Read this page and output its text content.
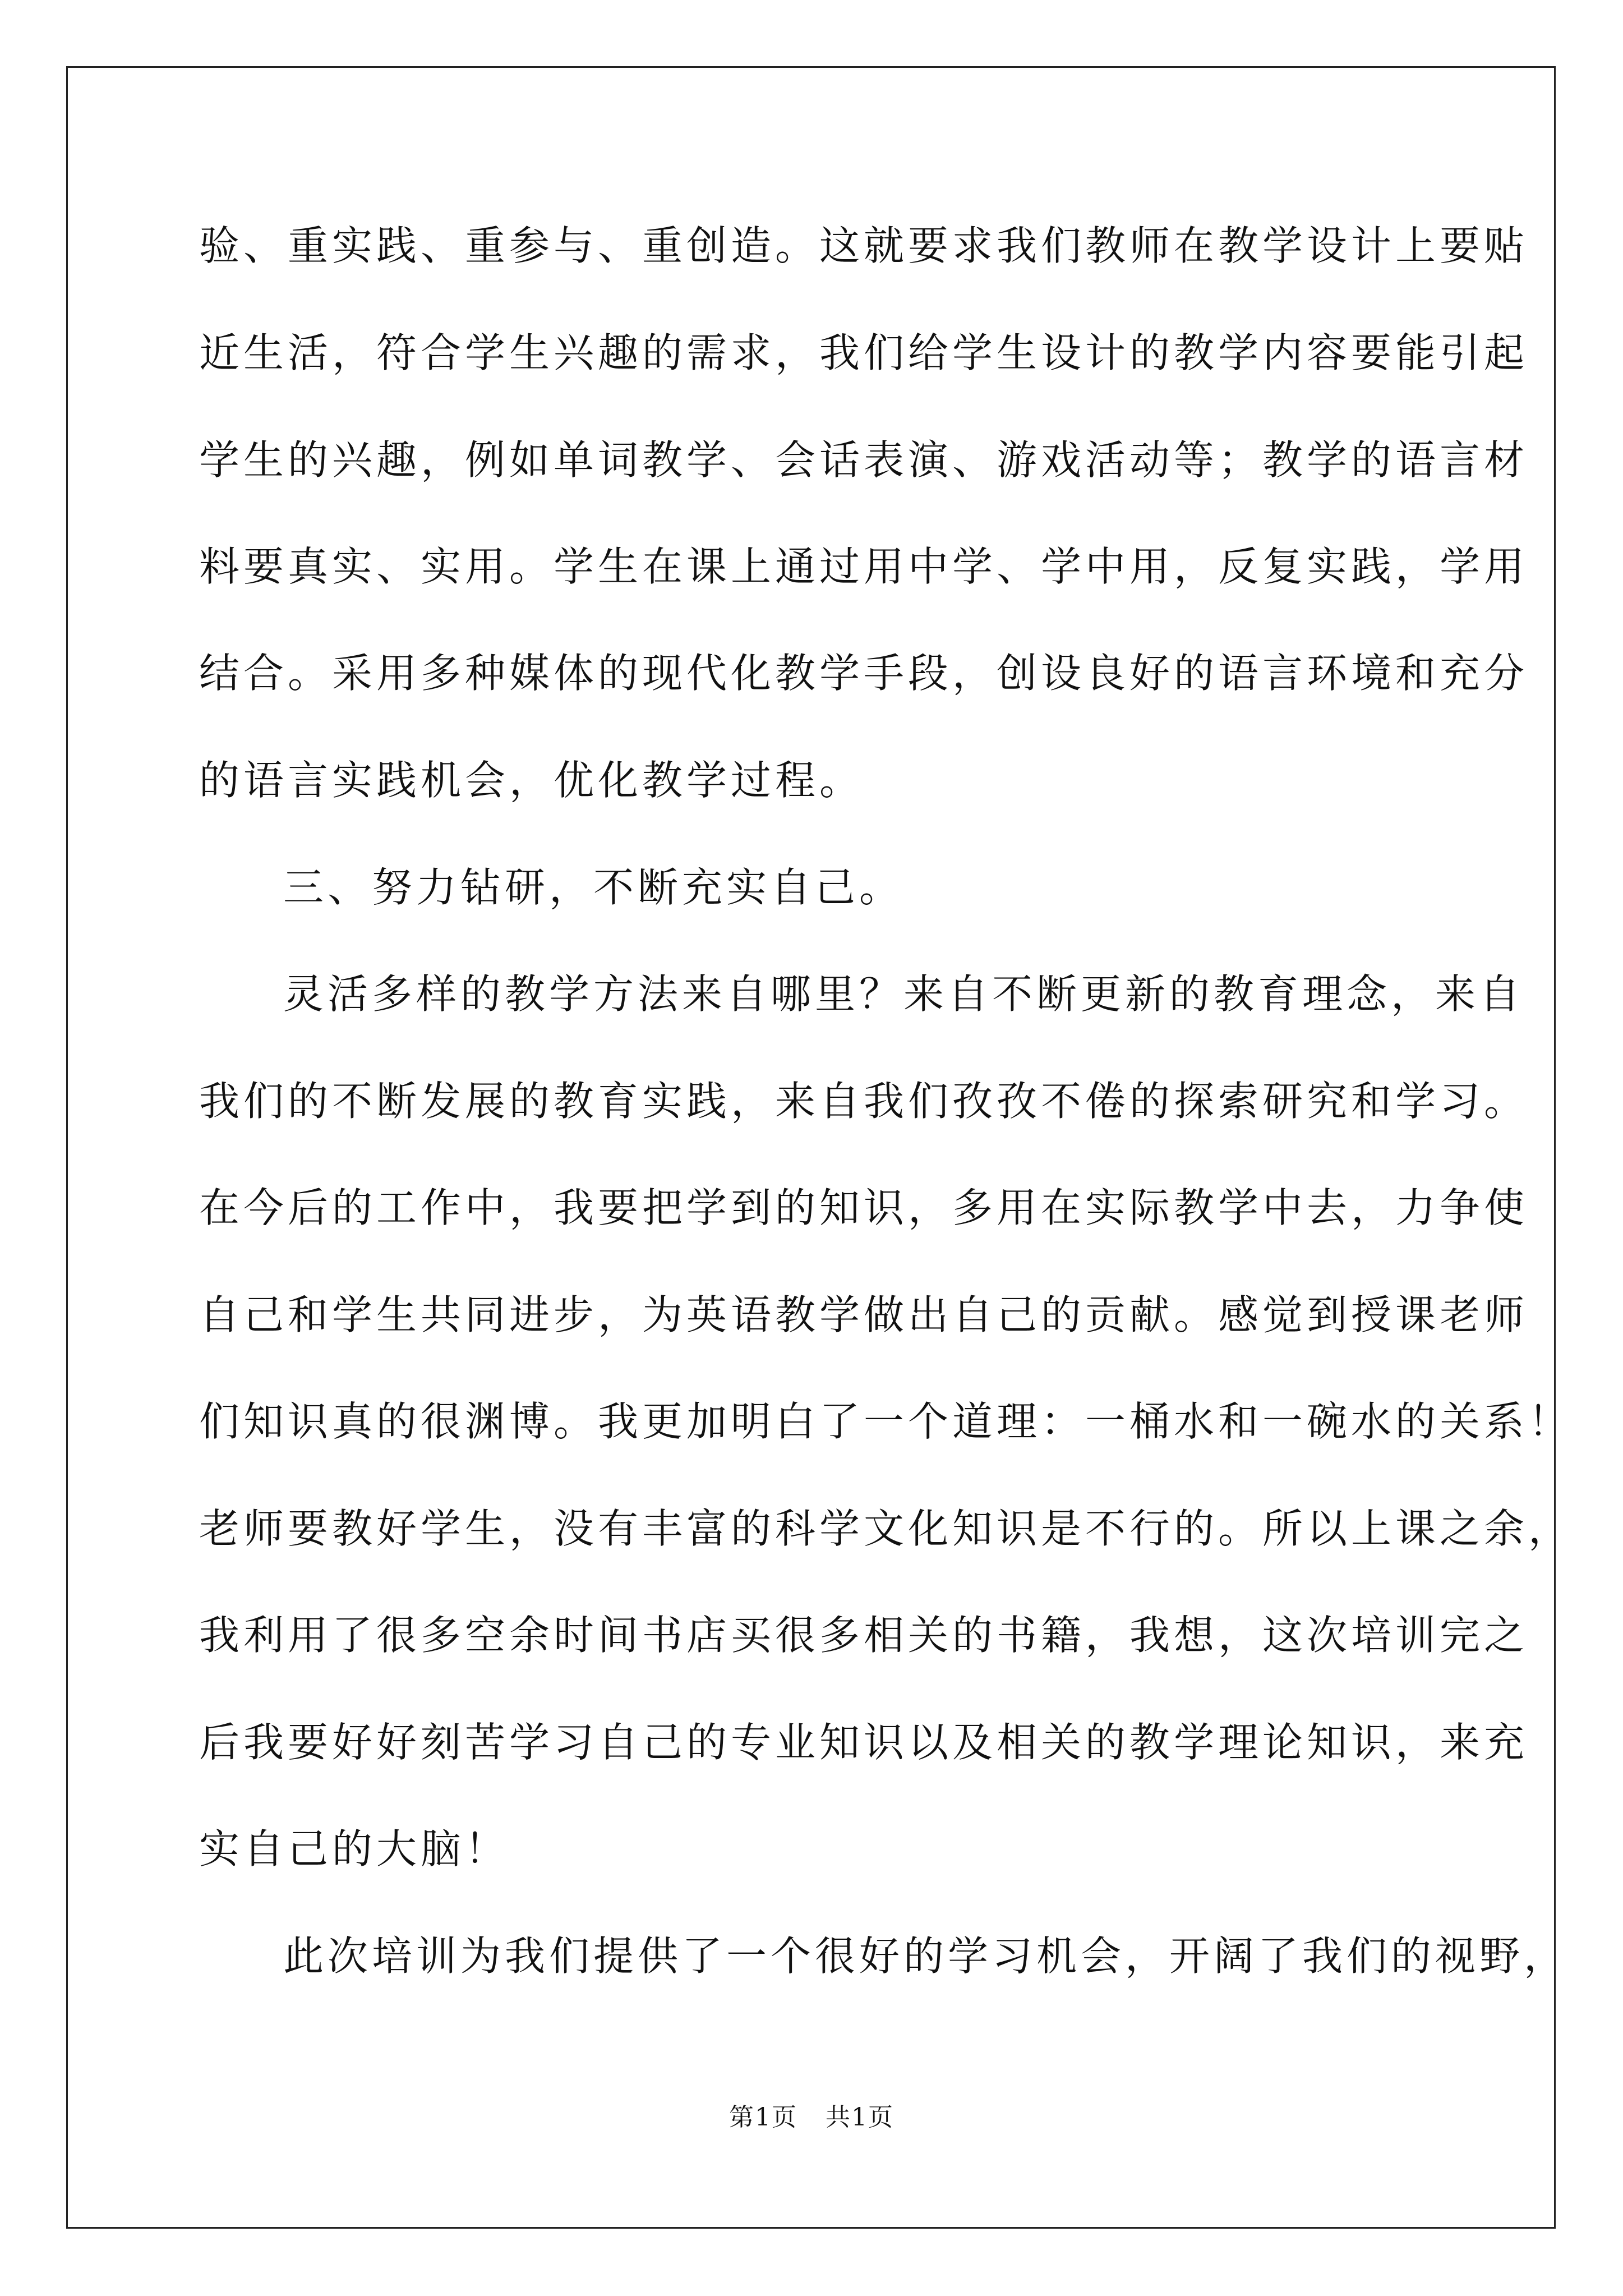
验、重实践、重参与、重创造。这就要求我们教师在教学设计上要贴
近生活，符合学生兴趣的需求，我们给学生设计的教学内容要能引起
学生的兴趣，例如单词教学、会话表演、游戏活动等；教学的语言材
料要真实、实用。学生在课上通过用中学、学中用，反复实践，学用
结合。采用多种媒体的现代化教学手段，创设良好的语言环境和充分
的语言实践机会，优化教学过程。
三、努力钻研，不断充实自己。
灵活多样的教学方法来自哪里？来自不断更新的教育理念，来自
我们的不断发展的教育实践，来自我们孜孜不倦的探索研究和学习。
在今后的工作中，我要把学到的知识，多用在实际教学中去，力争使
自己和学生共同进步，为英语教学做出自己的贡献。感觉到授课老师
们知识真的很渊博。我更加明白了一个道理：一桶水和一碗水的关系！
老师要教好学生，没有丰富的科学文化知识是不行的。所以上课之余，
我利用了很多空余时间书店买很多相关的书籍，我想，这次培训完之
后我要好好刻苦学习自己的专业知识以及相关的教学理论知识，来充
实自己的大脑！
此次培训为我们提供了一个很好的学习机会，开阔了我们的视野，
第1页 共1页
